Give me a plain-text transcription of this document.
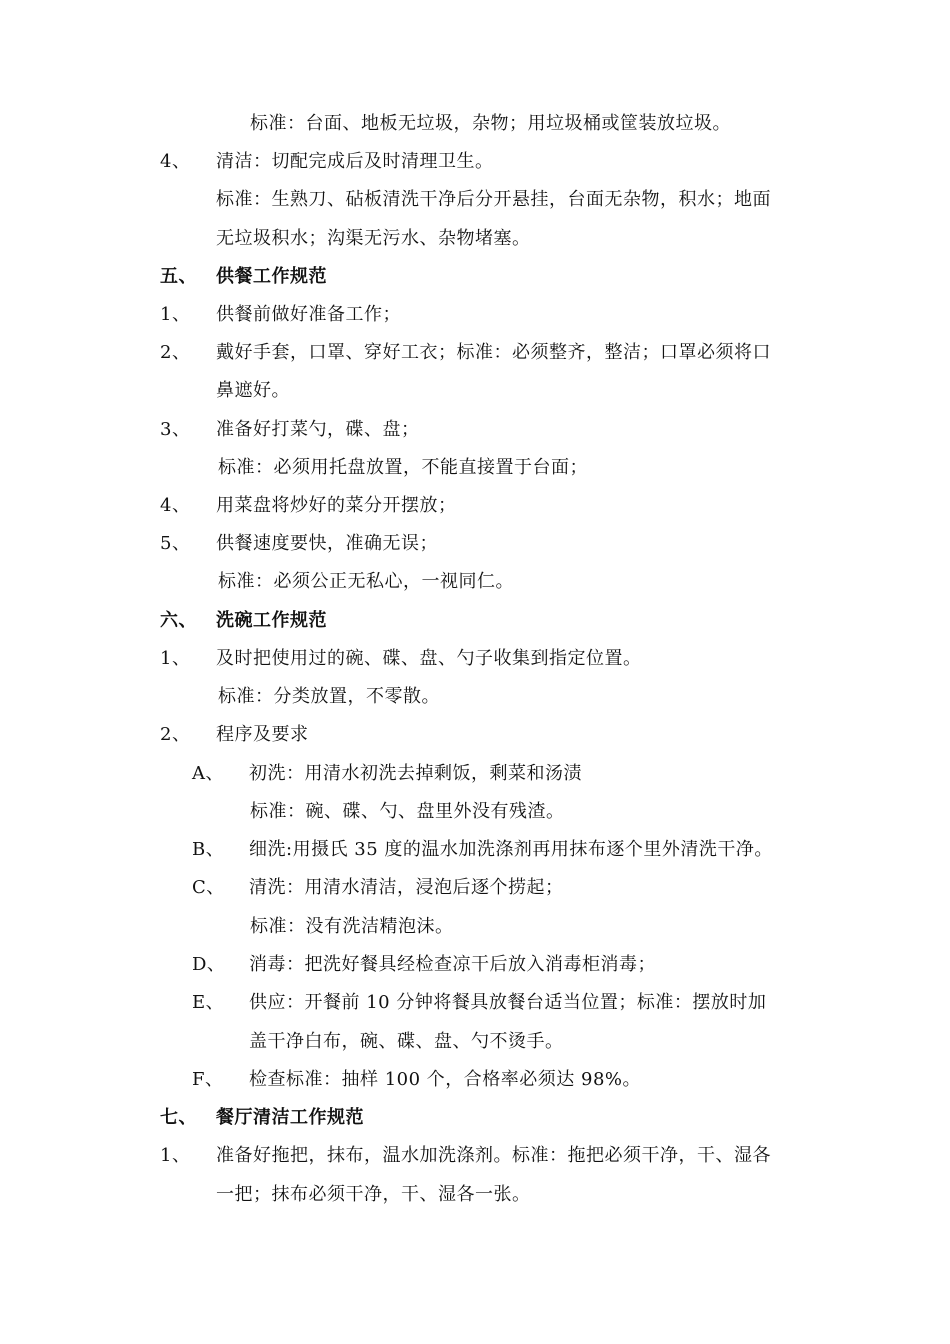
标准：台面、地板无垃圾，杂物；用垃圾桶或筐装放垃圾。
4、 清洁：切配完成后及时清理卫生。
标准：生熟刀、砧板清洗干净后分开悬挂，台面无杂物，积水；地面
无垃圾积水；沟渠无污水、杂物堵塞。
五、 供餐工作规范
1、 供餐前做好准备工作；
2、 戴好手套，口罩、穿好工衣；标准：必须整齐，整洁；口罩必须将口
鼻遮好。
3、 准备好打菜勺，碟、盘；
标准：必须用托盘放置，不能直接置于台面；
4、 用菜盘将炒好的菜分开摆放；
5、 供餐速度要快，准确无误；
标准：必须公正无私心，一视同仁。
六、 洗碗工作规范
1、 及时把使用过的碗、碟、盘、勺子收集到指定位置。
标准：分类放置，不零散。
2、 程序及要求
A、 初洗：用清水初洗去掉剩饭，剩菜和汤渍
标准：碗、碟、勺、盘里外没有残渣。
B、 细洗:用摄氏 35 度的温水加洗涤剂再用抹布逐个里外清洗干净。
C、 清洗：用清水清洁，浸泡后逐个捞起；
标准：没有洗洁精泡沫。
D、 消毒：把洗好餐具经检查凉干后放入消毒柜消毒；
E、 供应：开餐前 10 分钟将餐具放餐台适当位置；标准：摆放时加
盖干净白布，碗、碟、盘、勺不烫手。
F、 检查标准：抽样 100 个，合格率必须达 98%。
七、 餐厅清洁工作规范
1、 准备好拖把，抹布，温水加洗涤剂。标准：拖把必须干净，干、湿各
一把；抹布必须干净，干、湿各一张。
